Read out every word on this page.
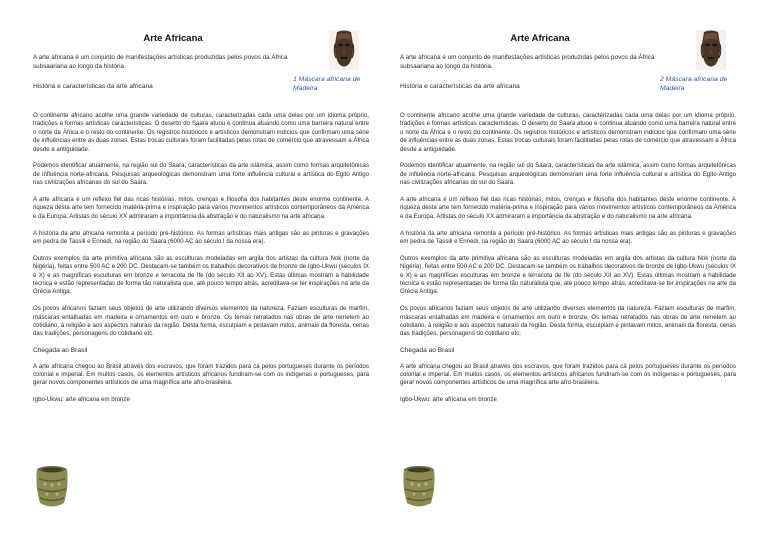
Arte Africana

1 Máscara africana de Madeira

A arte africana é um conjunto de manifestações artísticas produzidas pelos povos da África subsaariana ao longo da história.

História e características da arte africana

O continente africano acolhe uma grande variedade de culturas, caracterizadas cada uma delas por um idioma próprio, tradições e formas artísticas características. O deserto do Saara atuou e continua atuando como uma barreira natural entre o norte da África e o resto do continente. Os registros históricos e artísticos demonstram indícios que confirmam uma série de influências entre as duas zonas. Estas trocas culturais foram facilitadas pelas rotas de comércio que atravessam a África desde a antiguidade.

Podemos identificar atualmente, na região sul do Saara, características da arte islâmica, assim como formas arquitetônicas de influência norte-africana. Pesquisas arqueológicas demonstram uma forte influência cultural e artística do Egito Antigo nas civilizações africanas do sul do Saara.

A arte africana é um reflexo fiel das ricas histórias, mitos, crenças e filosofia dos habitantes deste enorme continente. A riqueza desta arte tem fornecido matéria-prima e inspiração para vários movimentos artísticos contemporâneos da América e da Europa. Artistas do século XX admiraram a importância da abstração e do naturalismo na arte africana.

A história da arte africana remonta a período pré-histórico. As formas artísticas mais antigas são as pinturas e gravações em pedra de Tassili e Ennedi, na região do Saara (6000 AC ao século I da nossa era).

Outros exemplos da arte primitiva africana são as esculturas modeladas em argila dos artistas da cultura Nok (norte da Nigéria), feitas entre 500 AC e 200 DC. Destacam-se também os trabalhos decorativos de bronze de Igbo-Ukwu (séculos IX e X) e as magníficas esculturas em bronze e terracota de Ife (do século XII ao XV). Estas últimas mostram a habilidade técnica e estão representadas de forma tão naturalista que, até pouco tempo atrás, acreditava-se ter inspirações na arte da Grécia Antiga.

Os povos africanos faziam seus objetos de arte utilizando diversos elementos da natureza. Faziam esculturas de marfim, máscaras entalhadas em madeira e ornamentos em ouro e bronze. Os temas retratados nas obras de arte remetem ao cotidiano, à religião e aos aspectos naturais da região. Desta forma, esculpiam e pintavam mitos, animais da floresta, cenas das tradições, personagens do cotidiano etc.

Chegada ao Brasil

A arte africana chegou ao Brasil através dos escravos, que foram trazidos para cá pelos portugueses durante os períodos colonial e imperial. Em muitos casos, os elementos artísticos africanos fundiram-se com os indígenas e portugueses, para gerar novos componentes artísticos de uma magnífica arte afro-brasileira.

Igbo-Ukwu: arte africana em bronze

Arte Africana

2 Máscara africana de Madeira

A arte africana é um conjunto de manifestações artísticas produzidas pelos povos da África subsaariana ao longo da história.

História e características da arte africana

O continente africano acolhe uma grande variedade de culturas, caracterizadas cada uma delas por um idioma próprio, tradições e formas artísticas características. O deserto do Saara atuou e continua atuando como uma barreira natural entre o norte da África e o resto do continente. Os registros históricos e artísticos demonstram indícios que confirmam uma série de influências entre as duas zonas. Estas trocas culturais foram facilitadas pelas rotas de comércio que atravessam a África desde a antiguidade.

Podemos identificar atualmente, na região sul do Saara, características da arte islâmica, assim como formas arquitetônicas de influência norte-africana. Pesquisas arqueológicas demonstram uma forte influência cultural e artística do Egito Antigo nas civilizações africanas do sul do Saara.

A arte africana é um reflexo fiel das ricas histórias, mitos, crenças e filosofia dos habitantes deste enorme continente. A riqueza desta arte tem fornecido matéria-prima e inspiração para vários movimentos artísticos contemporâneos da América e da Europa. Artistas do século XX admiraram a importância da abstração e do naturalismo na arte africana.

A história da arte africana remonta a período pré-histórico. As formas artísticas mais antigas são as pinturas e gravações em pedra de Tassili e Ennedi, na região do Saara (6000 AC ao século I da nossa era).

Outros exemplos da arte primitiva africana são as esculturas modeladas em argila dos artistas da cultura Nok (norte da Nigéria), feitas entre 500 AC e 200 DC. Destacam-se também os trabalhos decorativos de bronze de Igbo-Ukwu (séculos IX e X) e as magníficas esculturas em bronze e terracota de Ife (do século XII ao XV). Estas últimas mostram a habilidade técnica e estão representadas de forma tão naturalista que, até pouco tempo atrás, acreditava-se ter inspirações na arte da Grécia Antiga.

Os povos africanos faziam seus objetos de arte utilizando diversos elementos da natureza. Faziam esculturas de marfim, máscaras entalhadas em madeira e ornamentos em ouro e bronze. Os temas retratados nas obras de arte remetem ao cotidiano, à religião e aos aspectos naturais da região. Desta forma, esculpiam e pintavam mitos, animais da floresta, cenas das tradições, personagens do cotidiano etc.

Chegada ao Brasil

A arte africana chegou ao Brasil através dos escravos, que foram trazidos para cá pelos portugueses durante os períodos colonial e imperial. Em muitos casos, os elementos artísticos africanos fundiram-se com os indígenas e portugueses, para gerar novos componentes artísticos de uma magnífica arte afro-brasileira.

Igbo-Ukwu: arte africana em bronze
